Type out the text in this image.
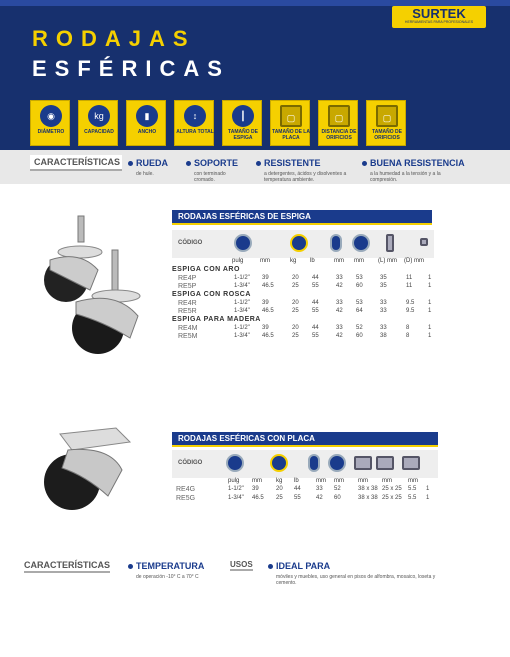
RODAJAS
ESFÉRICAS
SURTEK
HERRAMIENTAS PARA PROFESIONALES
◉
DIÁMETRO
kg
CAPACIDAD
▮
ANCHO
↕
ALTURA TOTAL
┃
TAMAÑO DE ESPIGA
▢
TAMAÑO DE LA PLACA
▢
DISTANCIA DE ORIFICIOS
▢
TAMAÑO DE ORIFICIOS
CARACTERÍSTICAS	RUEDA
de hule.
SOPORTE
con terminado cromado.
RESISTENTE
a detergentes, ácidos y disolventes a temperatura ambiente.
BUENA RESISTENCIA
a la humedad a la tensión y a la compresión.
RODAJAS ESFÉRICAS DE ESPIGA
CÓDIGO
pulg	mm	kg lb	mm mm (L) mm (D) mm
ESPIGA CON ARO
RE4P	1-1/2" 39	20 44	33 53	35	11	1
RE5P	1-3/4" 46.5	25 55	42 60	35	11	1
ESPIGA CON ROSCA
RE4R	1-1/2" 39	20 44	33 53	33	9.5 1
RE5R	1-3/4" 46.5	25 55	42 64	33	9.5 1
ESPIGA PARA MADERA
RE4M	1-1/2" 39	20 44	33 52	33	8	1
RE5M	1-3/4" 46.5	25 55	42 60	38	8	1
RODAJAS ESFÉRICAS CON PLACA
CÓDIGO
pulg mm kg lb	mm mm mm mm	mm
RE4G	1-1/2" 39	20 44	33 52	38 x 38 25 x 25 5.5 1
RE5G	1-3/4" 46.5 25 55	42 60	38 x 38 25 x 25 5.5 1
CARACTERÍSTICAS	TEMPERATURA
de operación -10° C a 70° C
USOS	IDEAL PARA
móviles y muebles, uso general en pisos de alfombra, mosaico, loseta y cemento.
